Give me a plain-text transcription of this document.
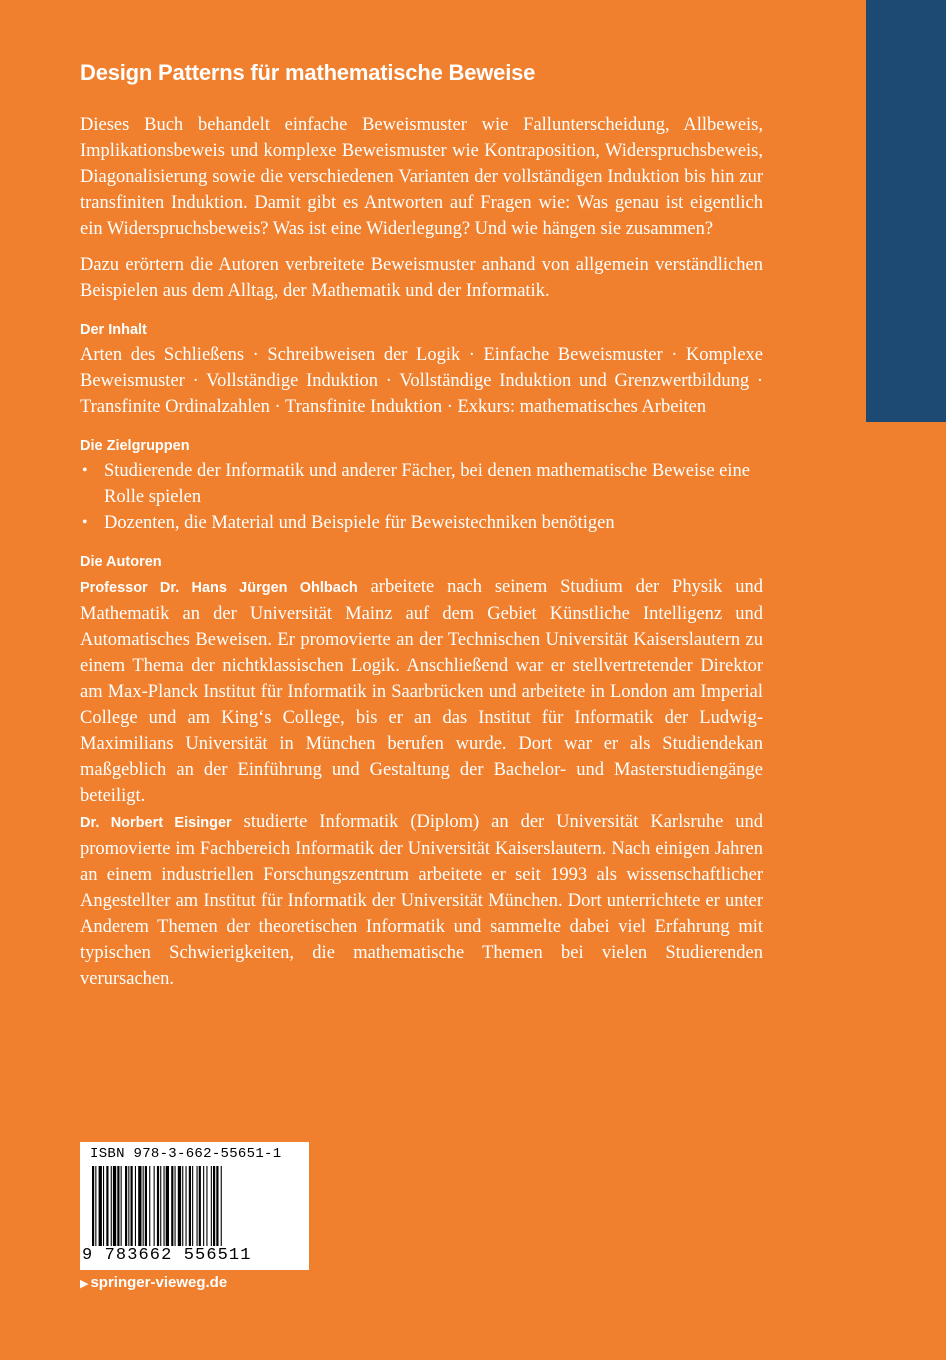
Design Patterns für mathematische Beweise

Dieses Buch behandelt einfache Beweismuster wie Fallunterscheidung, Allbeweis, Implikationsbeweis und komplexe Beweismuster wie Kontraposition, Widerspruchsbeweis, Diagonalisierung sowie die verschiedenen Varianten der vollständigen Induktion bis hin zur transfiniten Induktion. Damit gibt es Antworten auf Fragen wie: Was genau ist eigentlich ein Widerspruchsbeweis? Was ist eine Widerlegung? Und wie hängen sie zusammen?

Dazu erörtern die Autoren verbreitete Beweismuster anhand von allgemein verständlichen Beispielen aus dem Alltag, der Mathematik und der Informatik.

Der Inhalt

Arten des Schließens · Schreibweisen der Logik · Einfache Beweismuster · Komplexe Beweismuster · Vollständige Induktion · Vollständige Induktion und Grenzwertbildung · Transfinite Ordinalzahlen · Transfinite Induktion · Exkurs: mathematisches Arbeiten

Die Zielgruppen
• Studierende der Informatik und anderer Fächer, bei denen mathematische Beweise eine Rolle spielen
• Dozenten, die Material und Beispiele für Beweistechniken benötigen
Die Autoren

Professor Dr. Hans Jürgen Ohlbach arbeitete nach seinem Studium der Physik und Mathematik an der Universität Mainz auf dem Gebiet Künstliche Intelligenz und Automatisches Beweisen. Er promovierte an der Technischen Universität Kaiserslautern zu einem Thema der nichtklassischen Logik. Anschließend war er stellvertretender Direktor am Max-Planck Institut für Informatik in Saarbrücken und arbeitete in London am Imperial College und am King‘s College, bis er an das Institut für Informatik der Ludwig-Maximilians Universität in München berufen wurde. Dort war er als Studiendekan maßgeblich an der Einführung und Gestaltung der Bachelor- und Masterstudiengänge beteiligt.

Dr. Norbert Eisinger studierte Informatik (Diplom) an der Universität Karlsruhe und promovierte im Fachbereich Informatik der Universität Kaiserslautern. Nach einigen Jahren an einem industriellen Forschungszentrum arbeitete er seit 1993 als wissenschaftlicher Angestellter am Institut für Informatik der Universität München. Dort unterrichtete er unter Anderem Themen der theoretischen Informatik und sammelte dabei viel Erfahrung mit typischen Schwierigkeiten, die mathematische Themen bei vielen Studierenden verursachen.

ISBN 978-3-662-55651-1
9 783662 556511
▶ springer-vieweg.de
